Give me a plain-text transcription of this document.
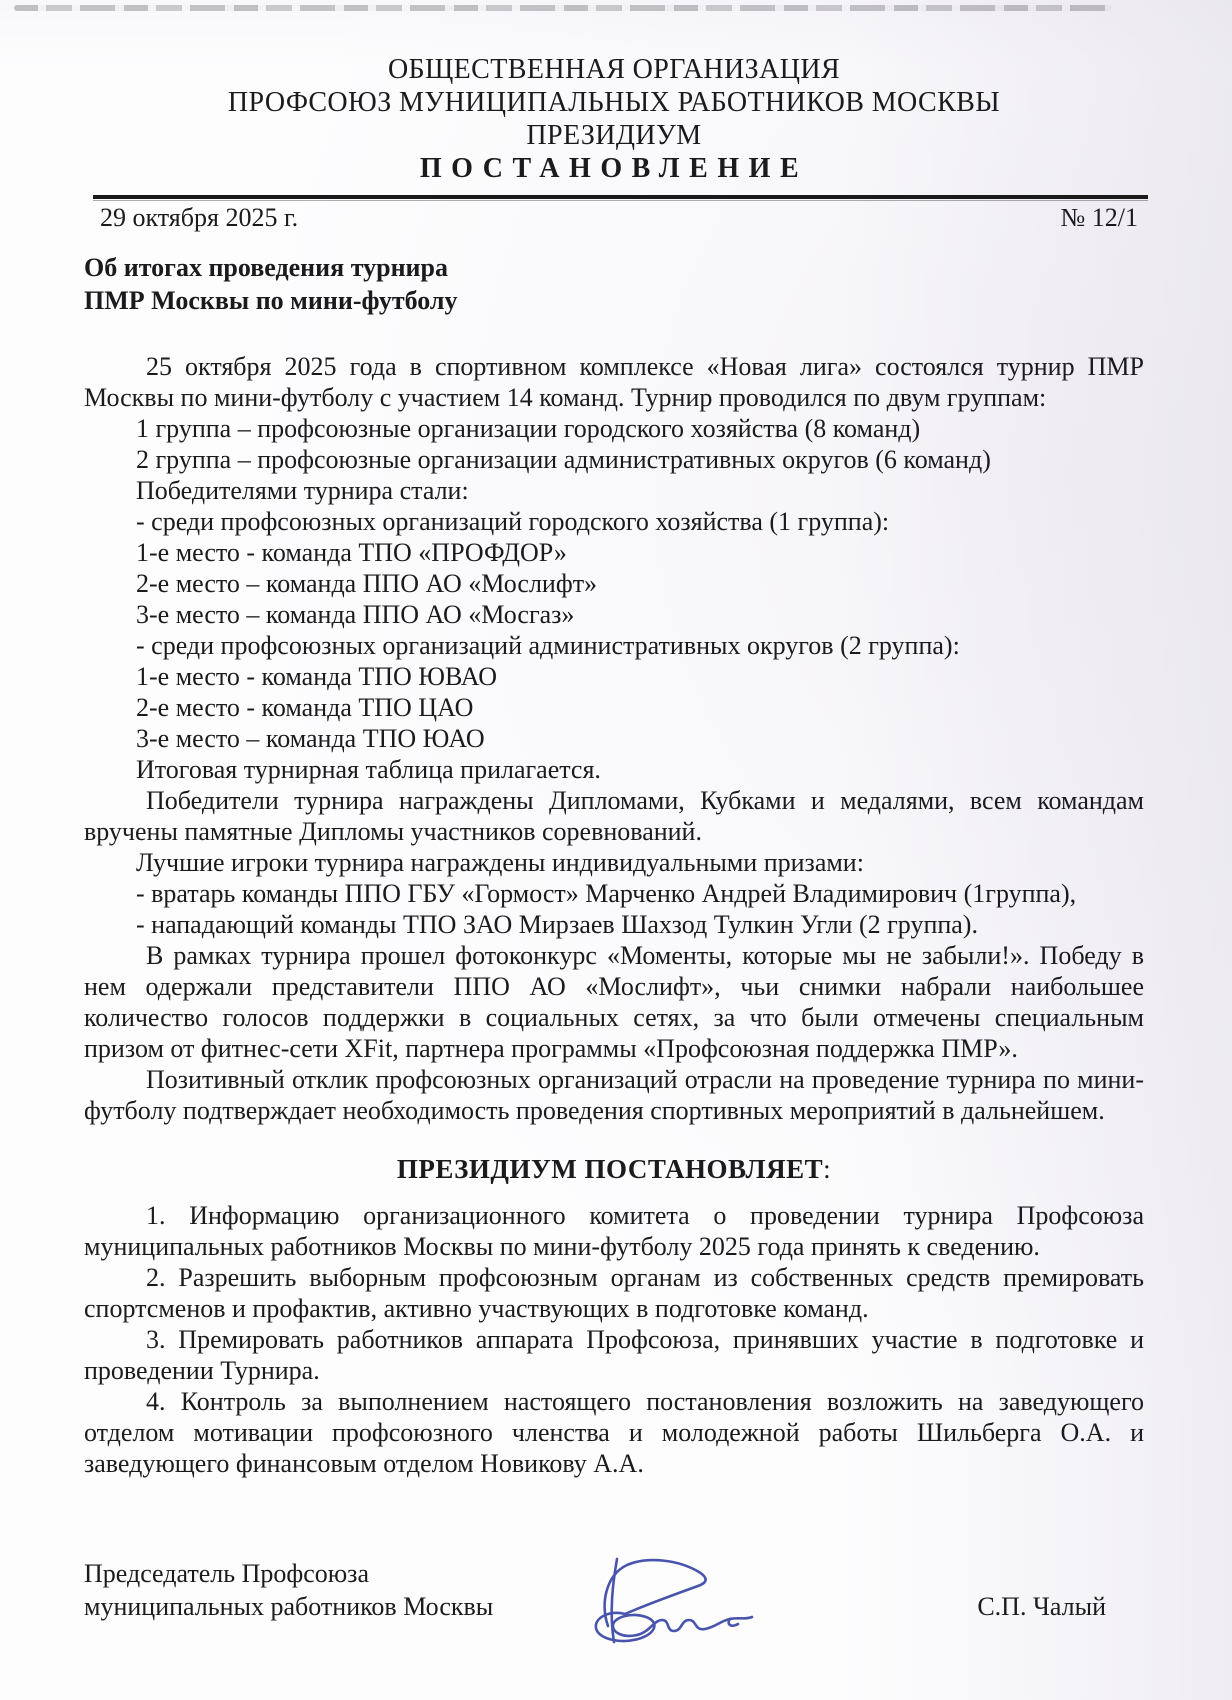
ОБЩЕСТВЕННАЯ ОРГАНИЗАЦИЯ
ПРОФСОЮЗ МУНИЦИПАЛЬНЫХ РАБОТНИКОВ МОСКВЫ
ПРЕЗИДИУМ
ПОСТАНОВЛЕНИЕ
29 октября 2025 г.	№ 12/1
Об итогах проведения турнира
ПМР Москвы по мини-футболу

25 октября 2025 года в спортивном комплексе «Новая лига» состоялся турнир ПМР Москвы по мини-футболу с участием 14 команд. Турнир проводился по двум группам:

1 группа – профсоюзные организации городского хозяйства (8 команд)

2 группа – профсоюзные организации административных округов (6 команд)

Победителями турнира стали:

- среди профсоюзных организаций городского хозяйства (1 группа):

1-е место - команда ТПО «ПРОФДОР»

2-е место – команда ППО АО «Мослифт»

3-е место – команда ППО АО «Мосгаз»

- среди профсоюзных организаций административных округов (2 группа):

1-е место - команда ТПО ЮВАО

2-е место - команда ТПО ЦАО

3-е место – команда ТПО ЮАО

Итоговая турнирная таблица прилагается.

Победители турнира награждены Дипломами, Кубками и медалями, всем командам вручены памятные Дипломы участников соревнований.

Лучшие игроки турнира награждены индивидуальными призами:

- вратарь команды ППО ГБУ «Гормост» Марченко Андрей Владимирович (1группа),

- нападающий команды ТПО ЗАО Мирзаев Шахзод Тулкин Угли (2 группа).

В рамках турнира прошел фотоконкурс «Моменты, которые мы не забыли!». Победу в нем одержали представители ППО АО «Мослифт», чьи снимки набрали наибольшее количество голосов поддержки в социальных сетях, за что были отмечены специальным призом от фитнес-сети XFit, партнера программы «Профсоюзная поддержка ПМР».

Позитивный отклик профсоюзных организаций отрасли на проведение турнира по мини-футболу подтверждает необходимость проведения спортивных мероприятий в дальнейшем.

ПРЕЗИДИУМ ПОСТАНОВЛЯЕТ:

1. Информацию организационного комитета о проведении турнира Профсоюза муниципальных работников Москвы по мини-футболу 2025 года принять к сведению.

2. Разрешить выборным профсоюзным органам из собственных средств премировать спортсменов и профактив, активно участвующих в подготовке команд.

3. Премировать работников аппарата Профсоюза, принявших участие в подготовке и проведении Турнира.

4. Контроль за выполнением настоящего постановления возложить на заведующего отделом мотивации профсоюзного членства и молодежной работы Шильберга О.А. и заведующего финансовым отделом Новикову А.А.

Председатель Профсоюза
муниципальных работников Москвы	С.П. Чалый
